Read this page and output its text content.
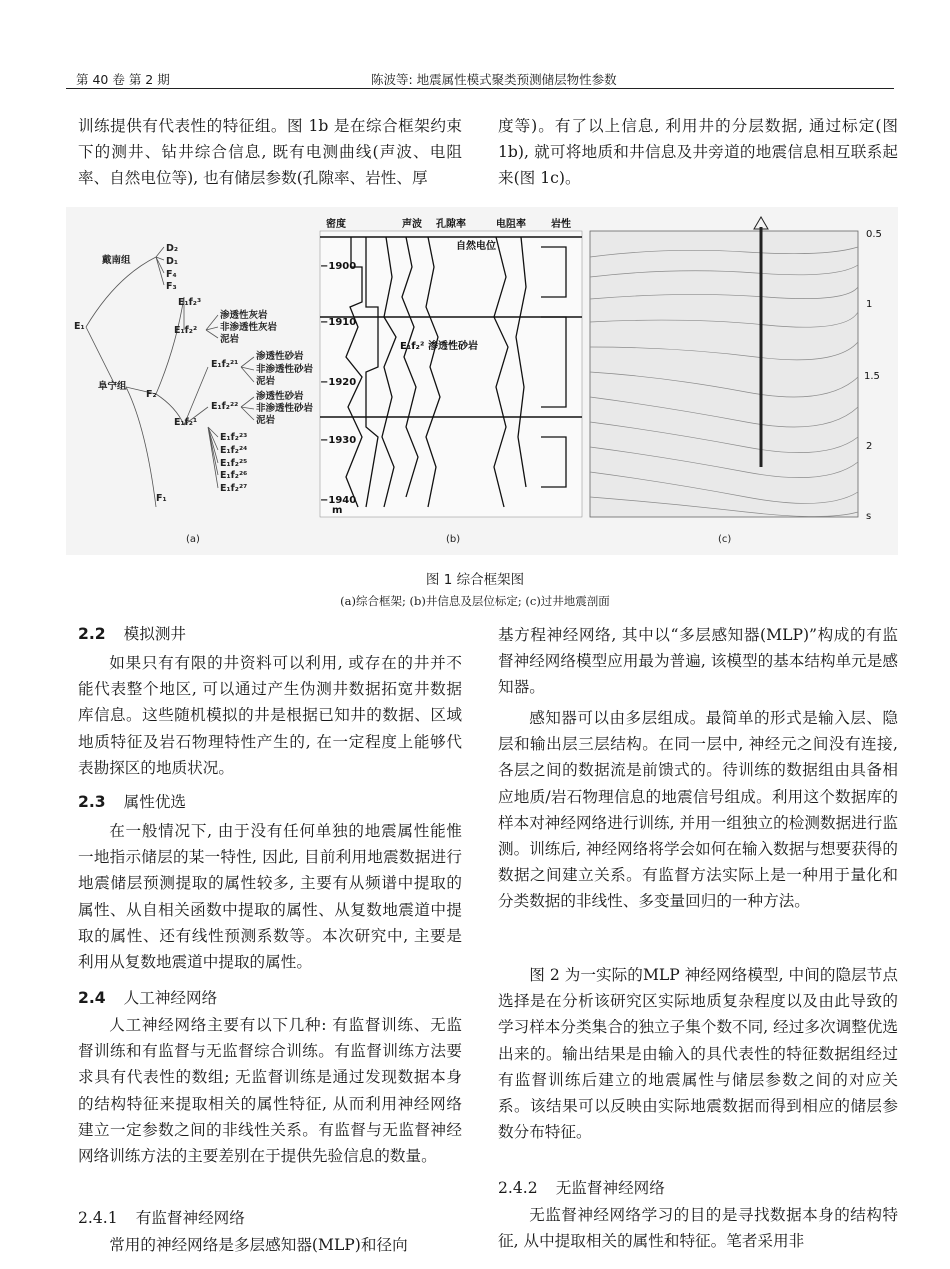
第 40 卷 第 2 期	陈波等: 地震属性模式聚类预测储层物性参数

训练提供有代表性的特征组。图 1b 是在综合框架约束下的测井、钻井综合信息, 既有电测曲线(声波、电阻率、自然电位等), 也有储层参数(孔隙率、岩性、厚

度等)。有了以上信息, 利用井的分层数据, 通过标定(图 1b), 就可将地质和井信息及井旁道的地震信息相互联系起来(图 1c)。

戴南组
D₂
D₁
F₄
F₃
E₁
阜宁组
F₂
F₁
E₁f₂³
E₁f₂²
E₁f₂¹
E₁f₂²¹
E₁f₂²²
渗透性灰岩
非渗透性灰岩
泥岩
渗透性砂岩
非渗透性砂岩
泥岩
渗透性砂岩
非渗透性砂岩
泥岩
E₁f₂²³
E₁f₂²⁴
E₁f₂²⁵
E₁f₂²⁶
E₁f₂²⁷
密度	声波 孔隙率	电阻率	岩性
−1900
−1910
−1920
−1930
−1940
m
自然电位
E₁f₂² 渗透性砂岩
0.5
1
1.5
2
s
(a)	(b)	(c)
图 1 综合框架图
(a)综合框架; (b)井信息及层位标定; (c)过井地震剖面
2.2 模拟测井

如果只有有限的井资料可以利用, 或存在的井并不能代表整个地区, 可以通过产生伪测井数据拓宽井数据库信息。这些随机模拟的井是根据已知井的数据、区域地质特征及岩石物理特性产生的, 在一定程度上能够代表勘探区的地质状况。

2.3 属性优选

在一般情况下, 由于没有任何单独的地震属性能惟一地指示储层的某一特性, 因此, 目前利用地震数据进行地震储层预测提取的属性较多, 主要有从频谱中提取的属性、从自相关函数中提取的属性、从复数地震道中提取的属性、还有线性预测系数等。本次研究中, 主要是利用从复数地震道中提取的属性。

2.4 人工神经网络

人工神经网络主要有以下几种: 有监督训练、无监督训练和有监督与无监督综合训练。有监督训练方法要求具有代表性的数组; 无监督训练是通过发现数据本身的结构特征来提取相关的属性特征, 从而利用神经网络建立一定参数之间的非线性关系。有监督与无监督神经网络训练方法的主要差别在于提供先验信息的数量。

2.4.1 有监督神经网络

常用的神经网络是多层感知器(MLP)和径向

基方程神经网络, 其中以“多层感知器(MLP)”构成的有监督神经网络模型应用最为普遍, 该模型的基本结构单元是感知器。

感知器可以由多层组成。最简单的形式是输入层、隐层和输出层三层结构。在同一层中, 神经元之间没有连接, 各层之间的数据流是前馈式的。待训练的数据组由具备相应地质/岩石物理信息的地震信号组成。利用这个数据库的样本对神经网络进行训练, 并用一组独立的检测数据进行监测。训练后, 神经网络将学会如何在输入数据与想要获得的数据之间建立关系。有监督方法实际上是一种用于量化和分类数据的非线性、多变量回归的一种方法。

图 2 为一实际的MLP 神经网络模型, 中间的隐层节点选择是在分析该研究区实际地质复杂程度以及由此导致的学习样本分类集合的独立子集个数不同, 经过多次调整优选出来的。输出结果是由输入的具代表性的特征数据组经过有监督训练后建立的地震属性与储层参数之间的对应关系。该结果可以反映由实际地震数据而得到相应的储层参数分布特征。

2.4.2 无监督神经网络

无监督神经网络学习的目的是寻找数据本身的结构特征, 从中提取相关的属性和特征。笔者采用非
